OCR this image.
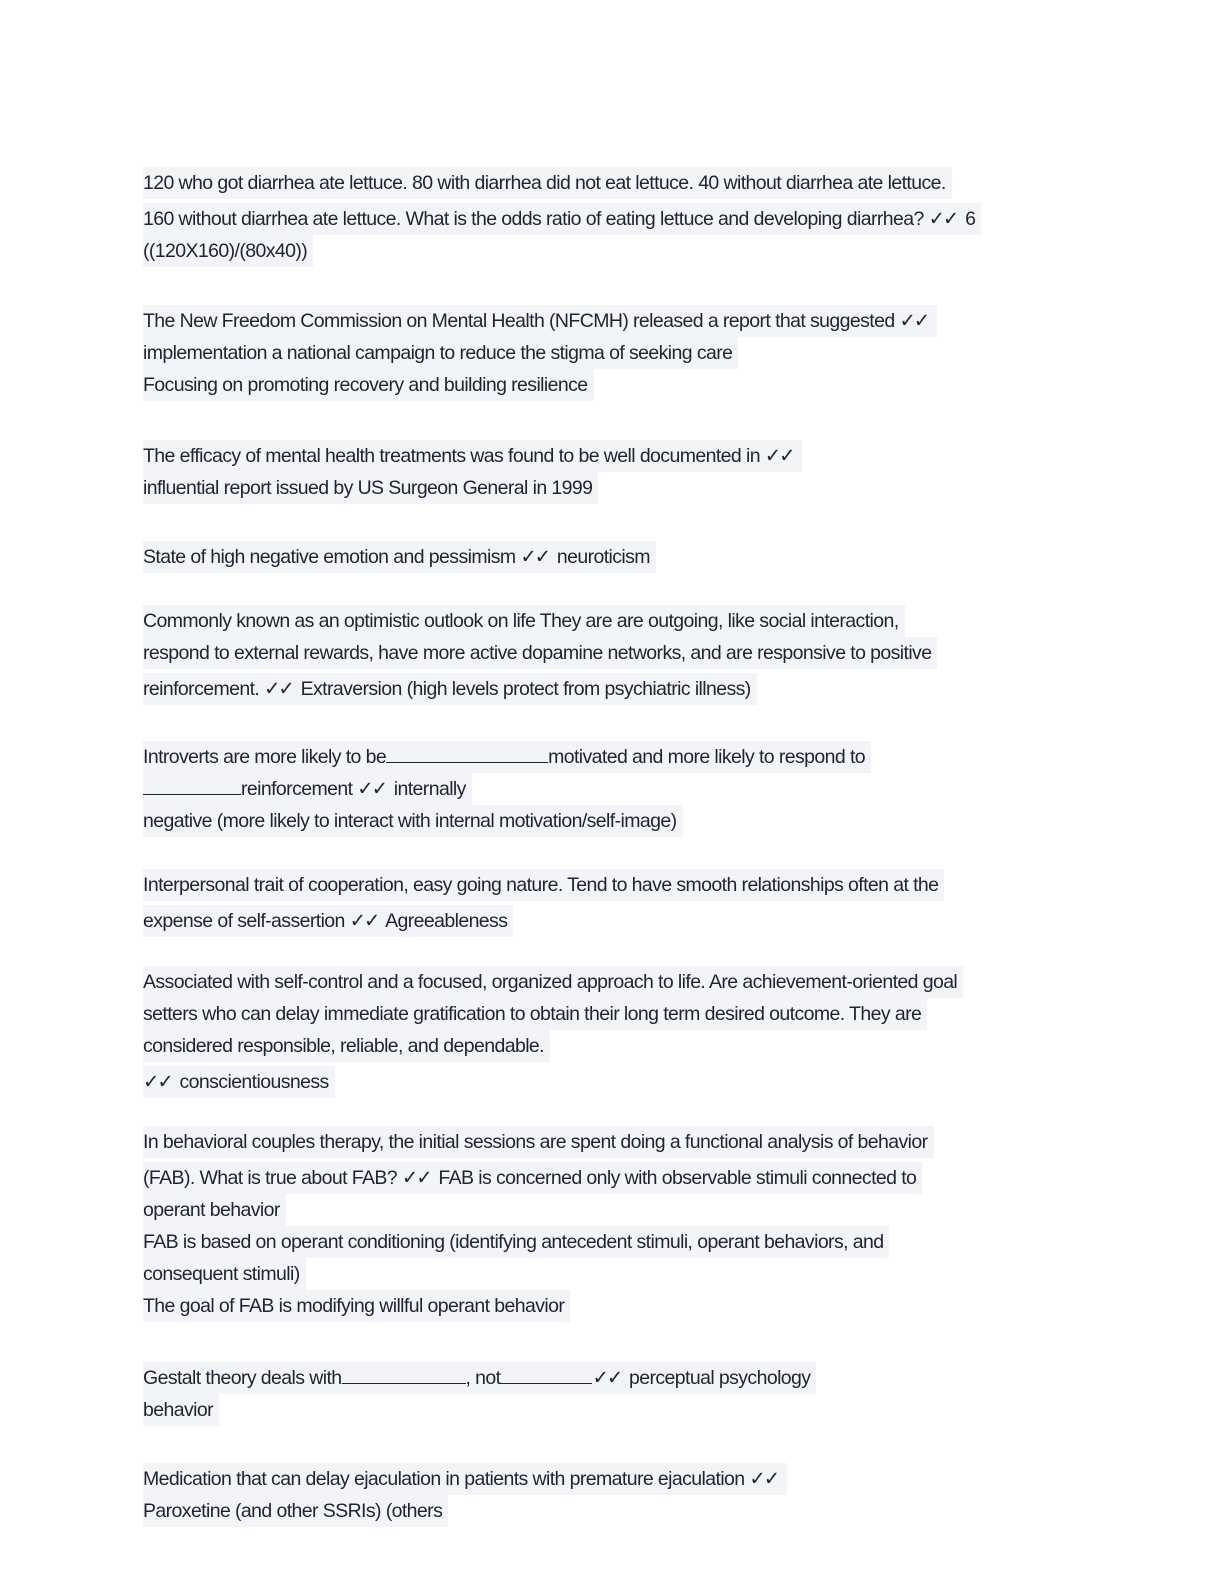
120 who got diarrhea ate lettuce. 80 with diarrhea did not eat lettuce. 40 without diarrhea ate lettuce.
160 without diarrhea ate lettuce. What is the odds ratio of eating lettuce and developing diarrhea? ✓✓ 6
((120X160)/(80x40))
The New Freedom Commission on Mental Health (NFCMH) released a report that suggested ✓✓
implementation a national campaign to reduce the stigma of seeking care
Focusing on promoting recovery and building resilience
The efficacy of mental health treatments was found to be well documented in ✓✓
influential report issued by US Surgeon General in 1999
State of high negative emotion and pessimism ✓✓ neuroticism
Commonly known as an optimistic outlook on life They are are outgoing, like social interaction,
respond to external rewards, have more active dopamine networks, and are responsive to positive
reinforcement. ✓✓ Extraversion (high levels protect from psychiatric illness)
Introverts are more likely to be	motivated and more likely to respond to
reinforcement ✓✓ internally
negative (more likely to interact with internal motivation/self-image)
Interpersonal trait of cooperation, easy going nature. Tend to have smooth relationships often at the
expense of self-assertion ✓✓ Agreeableness
Associated with self-control and a focused, organized approach to life. Are achievement-oriented goal
setters who can delay immediate gratification to obtain their long term desired outcome. They are
considered responsible, reliable, and dependable.
✓✓ conscientiousness
In behavioral couples therapy, the initial sessions are spent doing a functional analysis of behavior
(FAB). What is true about FAB? ✓✓ FAB is concerned only with observable stimuli connected to
operant behavior
FAB is based on operant conditioning (identifying antecedent stimuli, operant behaviors, and
consequent stimuli)
The goal of FAB is modifying willful operant behavior
Gestalt theory deals with	, not	✓✓ perceptual psychology
behavior
Medication that can delay ejaculation in patients with premature ejaculation ✓✓
Paroxetine (and other SSRIs) (others
